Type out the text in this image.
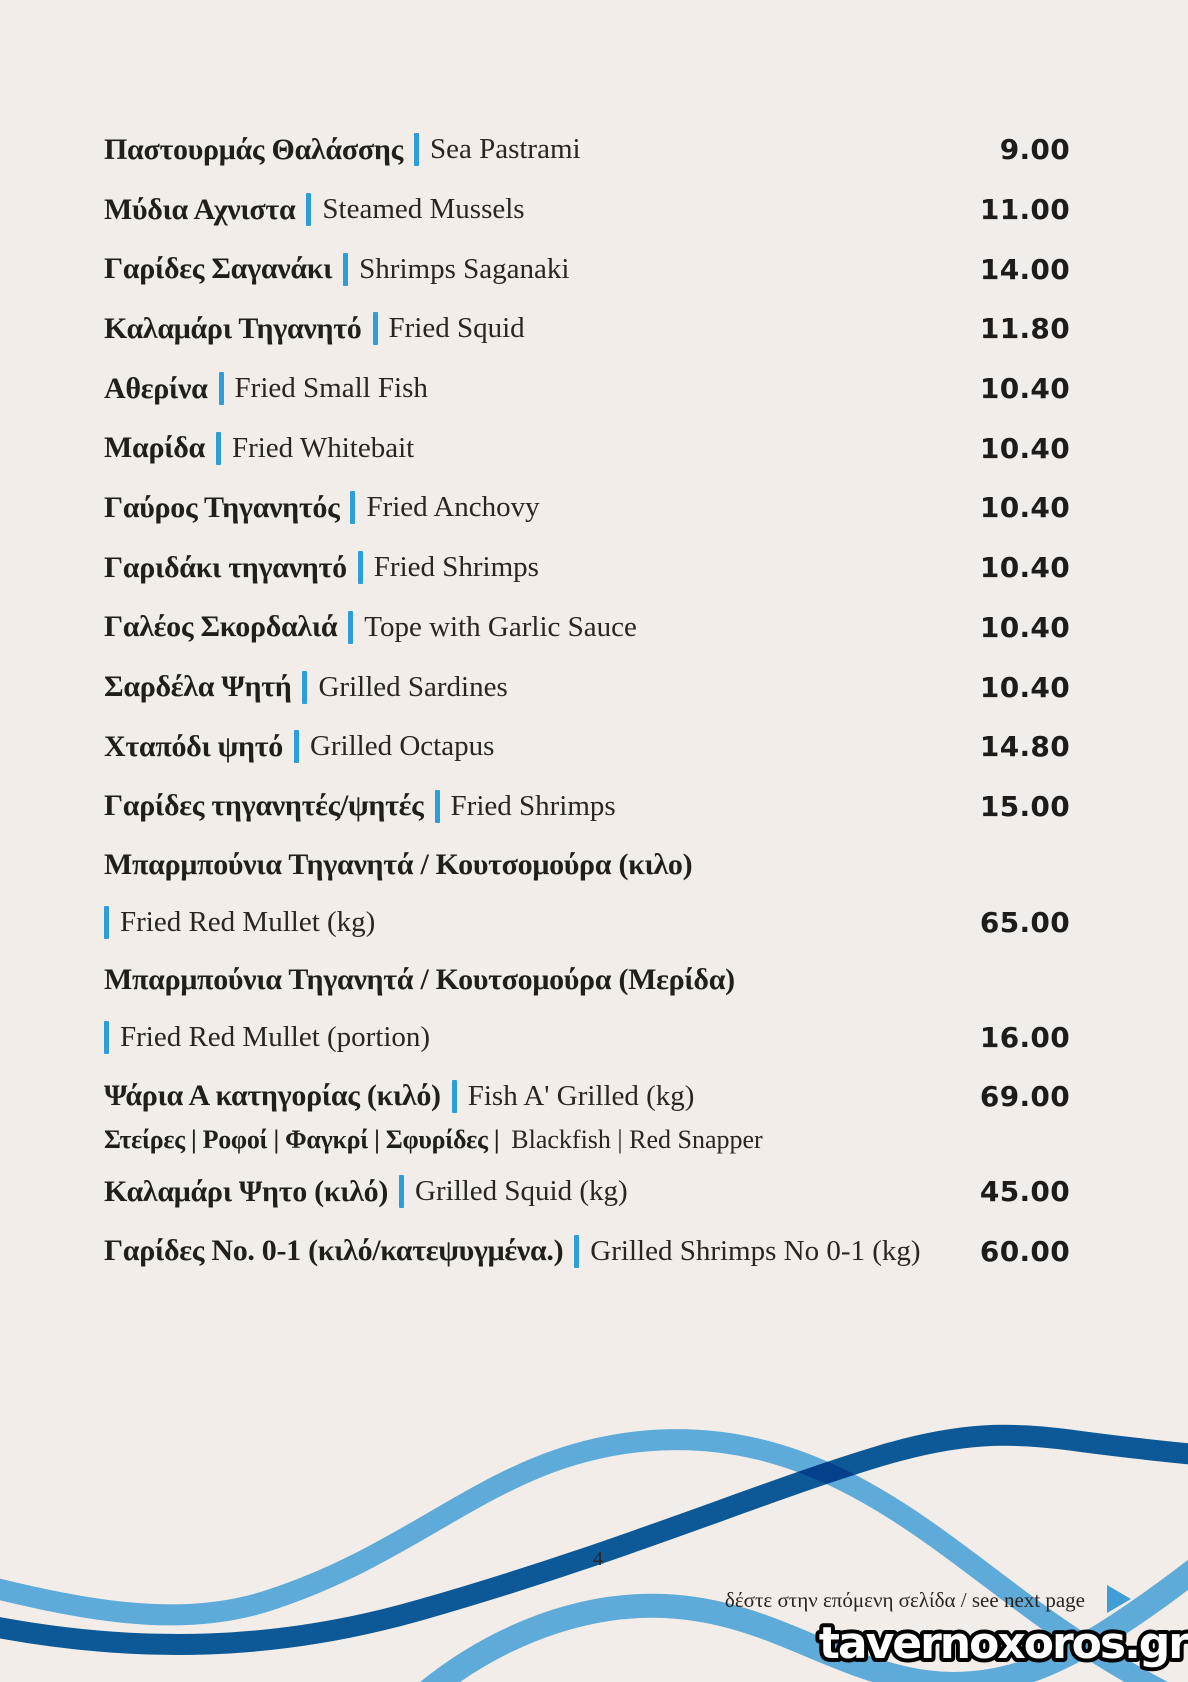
Παστουρμάς Θαλάσσης Sea Pastrami	9.00
Μύδια Αχνιστα Steamed Mussels	11.00
Γαρίδες Σαγανάκι Shrimps Saganaki	14.00
Καλαμάρι Τηγανητό Fried Squid	11.80
Αθερίνα Fried Small Fish	10.40
Μαρίδα Fried Whitebait	10.40
Γαύρος Τηγανητός Fried Anchovy	10.40
Γαριδάκι τηγανητό Fried Shrimps	10.40
Γαλέος Σκορδαλιά Tope with Garlic Sauce	10.40
Σαρδέλα Ψητή Grilled Sardines	10.40
Χταπόδι ψητό Grilled Octapus	14.80
Γαρίδες τηγανητές/ψητές Fried Shrimps	15.00
Μπαρμπούνια Τηγανητά / Κουτσομούρα (κιλο)
Fried Red Mullet (kg)	65.00
Μπαρμπούνια Τηγανητά / Κουτσομούρα (Μερίδα)
Fried Red Mullet (portion)	16.00
Ψάρια Α κατηγορίας (κιλό) Fish A' Grilled (kg)	69.00
Στείρες | Ροφοί | Φαγκρί | Σφυρίδες | Blackfish | Red Snapper
Καλαμάρι Ψητο (κιλό) Grilled Squid (kg)	45.00
Γαρίδες Νο. 0-1 (κιλό/κατεψυγμένα.) Grilled Shrimps No 0-1 (kg) 60.00
4
δέστε στην επόμενη σελίδα / see next page
tavernoxoros.gr
